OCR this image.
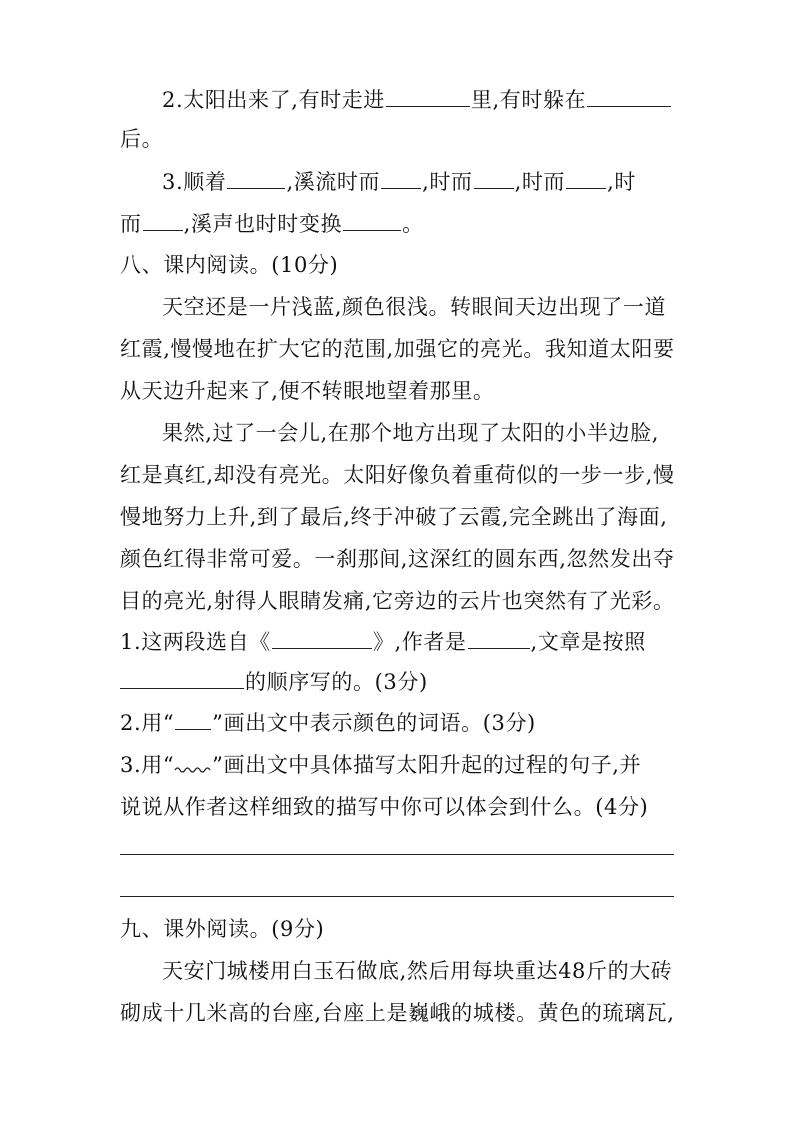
2.太阳出来了,有时走进	里,有时躲在
后。
3.顺着	,溪流时而 ,时而 ,时而 ,时
而 ,溪声也时时变换	。
八、课内阅读。(10分)
天空还是一片浅蓝,颜色很浅。转眼间天边出现了一道
红霞,慢慢地在扩大它的范围,加强它的亮光。我知道太阳要
从天边升起来了,便不转眼地望着那里。
果然,过了一会儿,在那个地方出现了太阳的小半边脸,
红是真红,却没有亮光。太阳好像负着重荷似的一步一步,慢
慢地努力上升,到了最后,终于冲破了云霞,完全跳出了海面,
颜色红得非常可爱。一刹那间,这深红的圆东西,忽然发出夺
目的亮光,射得人眼睛发痛,它旁边的云片也突然有了光彩。
1.这两段选自《	》,作者是	,文章是按照
的顺序写的。(3分)
2.用“ ”画出文中表示颜色的词语。(3分)
3.用“ ”画出文中具体描写太阳升起的过程的句子,并
说说从作者这样细致的描写中你可以体会到什么。(4分)
九、课外阅读。(9分)
天安门城楼用白玉石做底,然后用每块重达48斤的大砖
砌成十几米高的台座,台座上是巍峨的城楼。黄色的琉璃瓦,
